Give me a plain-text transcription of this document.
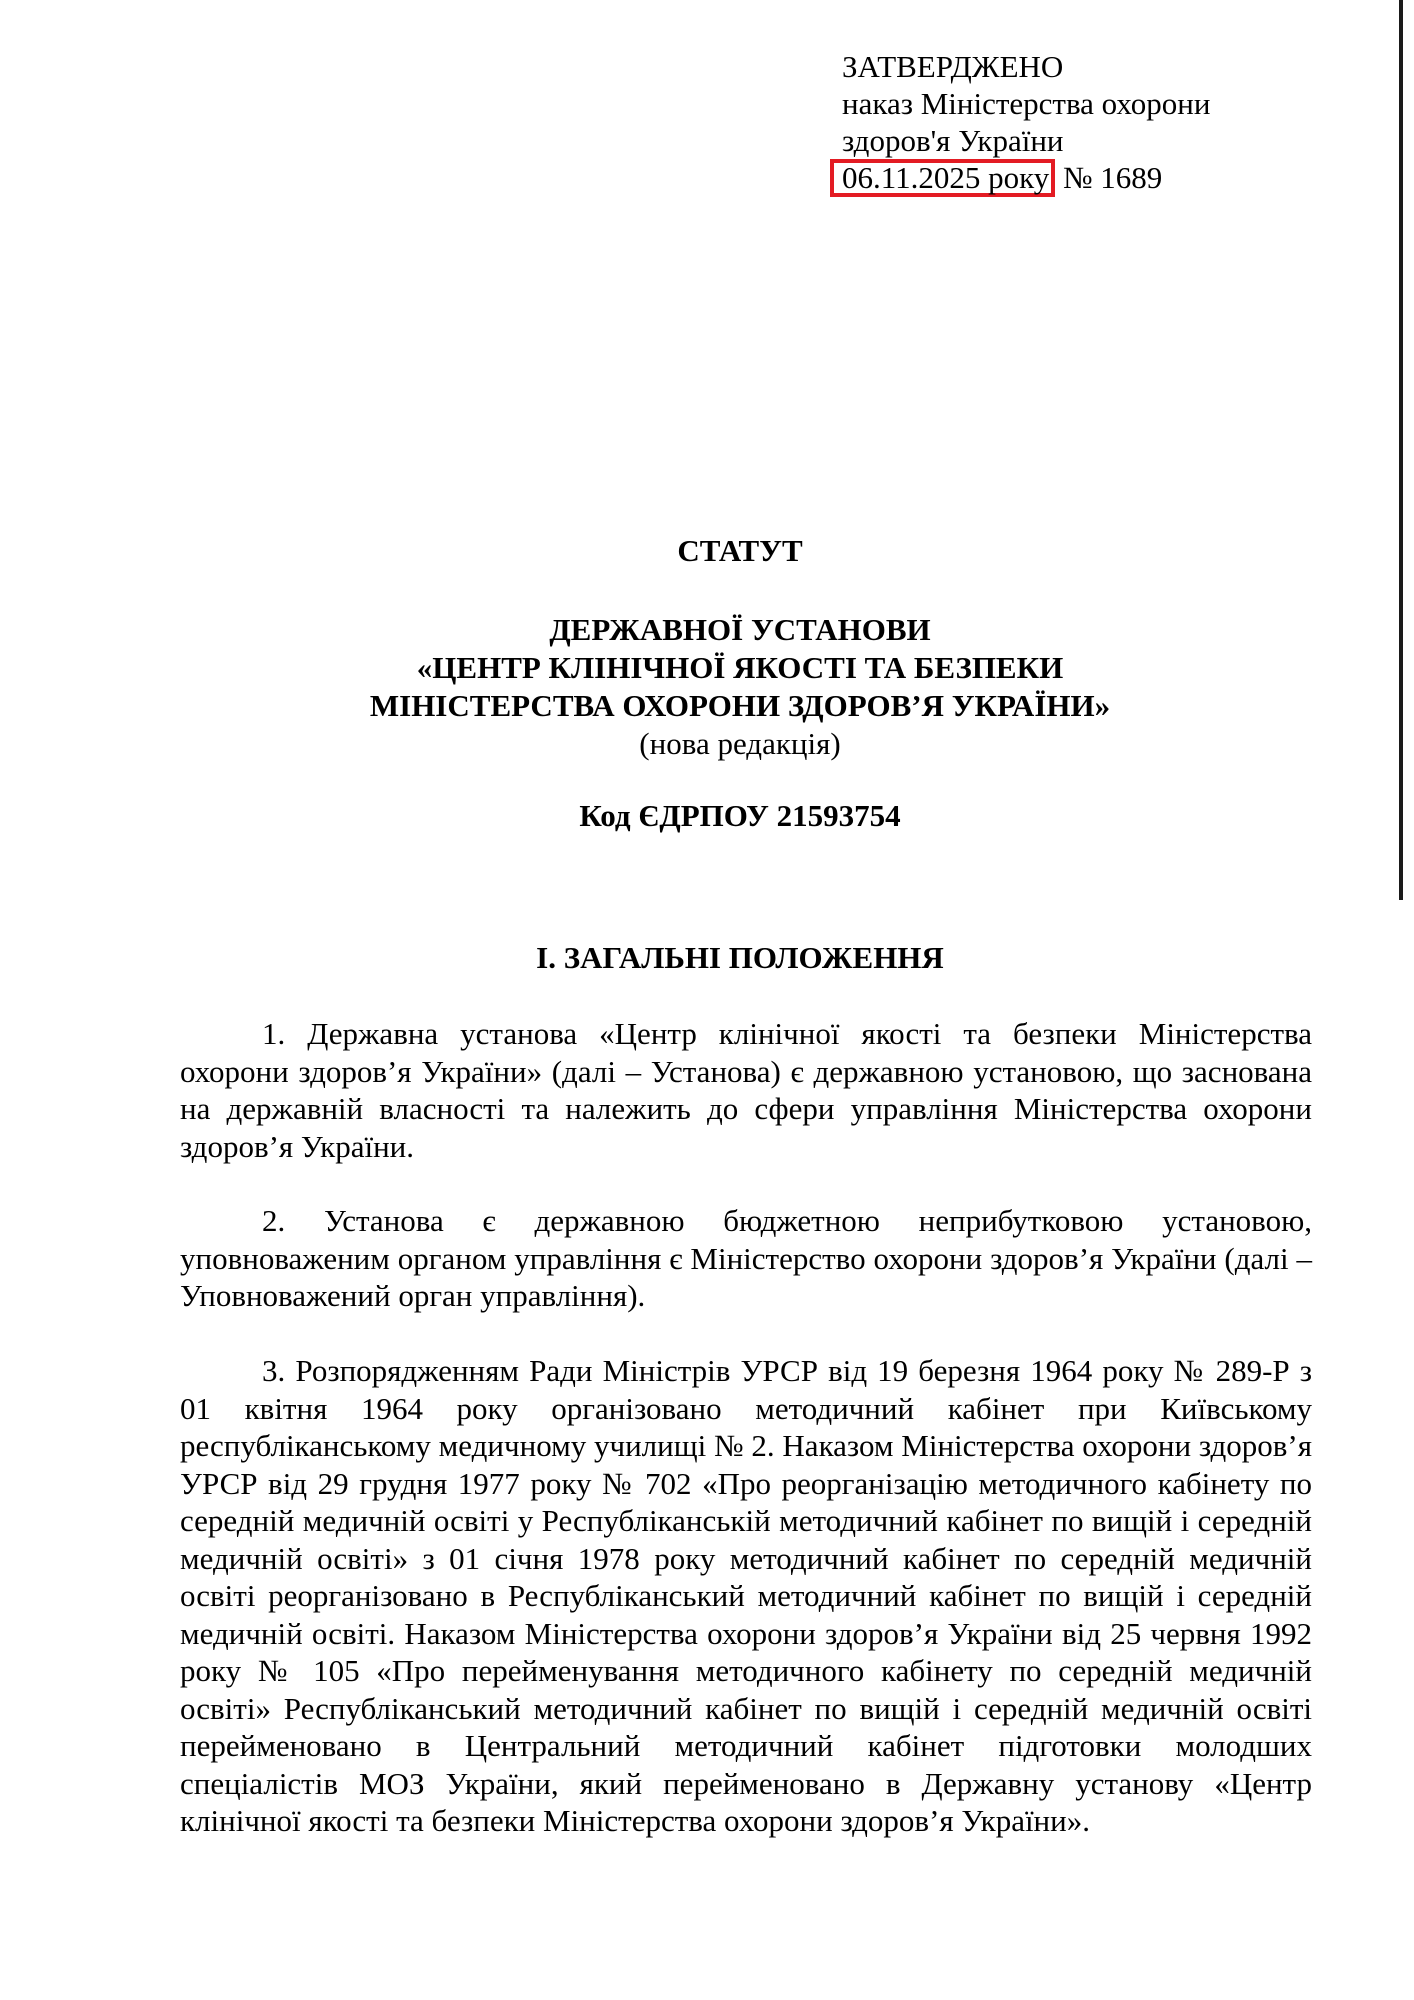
ЗАТВЕРДЖЕНО
наказ Міністерства охорони
здоров'я України
06.11.2025 року № 1689
СТАТУТ
ДЕРЖАВНОЇ УСТАНОВИ
«ЦЕНТР КЛІНІЧНОЇ ЯКОСТІ ТА БЕЗПЕКИ
МІНІСТЕРСТВА ОХОРОНИ ЗДОРОВ’Я УКРАЇНИ»
(нова редакція)
Код ЄДРПОУ 21593754
І. ЗАГАЛЬНІ ПОЛОЖЕННЯ
1. Державна установа «Центр клінічної якості та безпеки Міністерства охорони здоров’я України» (далі – Установа) є державною установою, що заснована на державній власності та належить до сфери управління Міністерства охорони здоров’я України.
2. Установа є державною бюджетною неприбутковою установою, уповноваженим органом управління є Міністерство охорони здоров’я України (далі – Уповноважений орган управління).
3. Розпорядженням Ради Міністрів УРСР від 19 березня 1964 року № 289-Р з 01 квітня 1964 року організовано методичний кабінет при Київському республіканському медичному училищі № 2. Наказом Міністерства охорони здоров’я УРСР від 29 грудня 1977 року № 702 «Про реорганізацію методичного кабінету по середній медичній освіті у Республіканській методичний кабінет по вищій і середній медичній освіті» з 01 січня 1978 року методичний кабінет по середній медичній освіті реорганізовано в Республіканський методичний кабінет по вищій і середній медичній освіті. Наказом Міністерства охорони здоров’я України від 25 червня 1992 року № 105 «Про перейменування методичного кабінету по середній медичній освіті» Республіканський методичний кабінет по вищій і середній медичній освіті перейменовано в Центральний методичний кабінет підготовки молодших спеціалістів МОЗ України, який перейменовано в Державну установу «Центр клінічної якості та безпеки Міністерства охорони здоров’я України».
